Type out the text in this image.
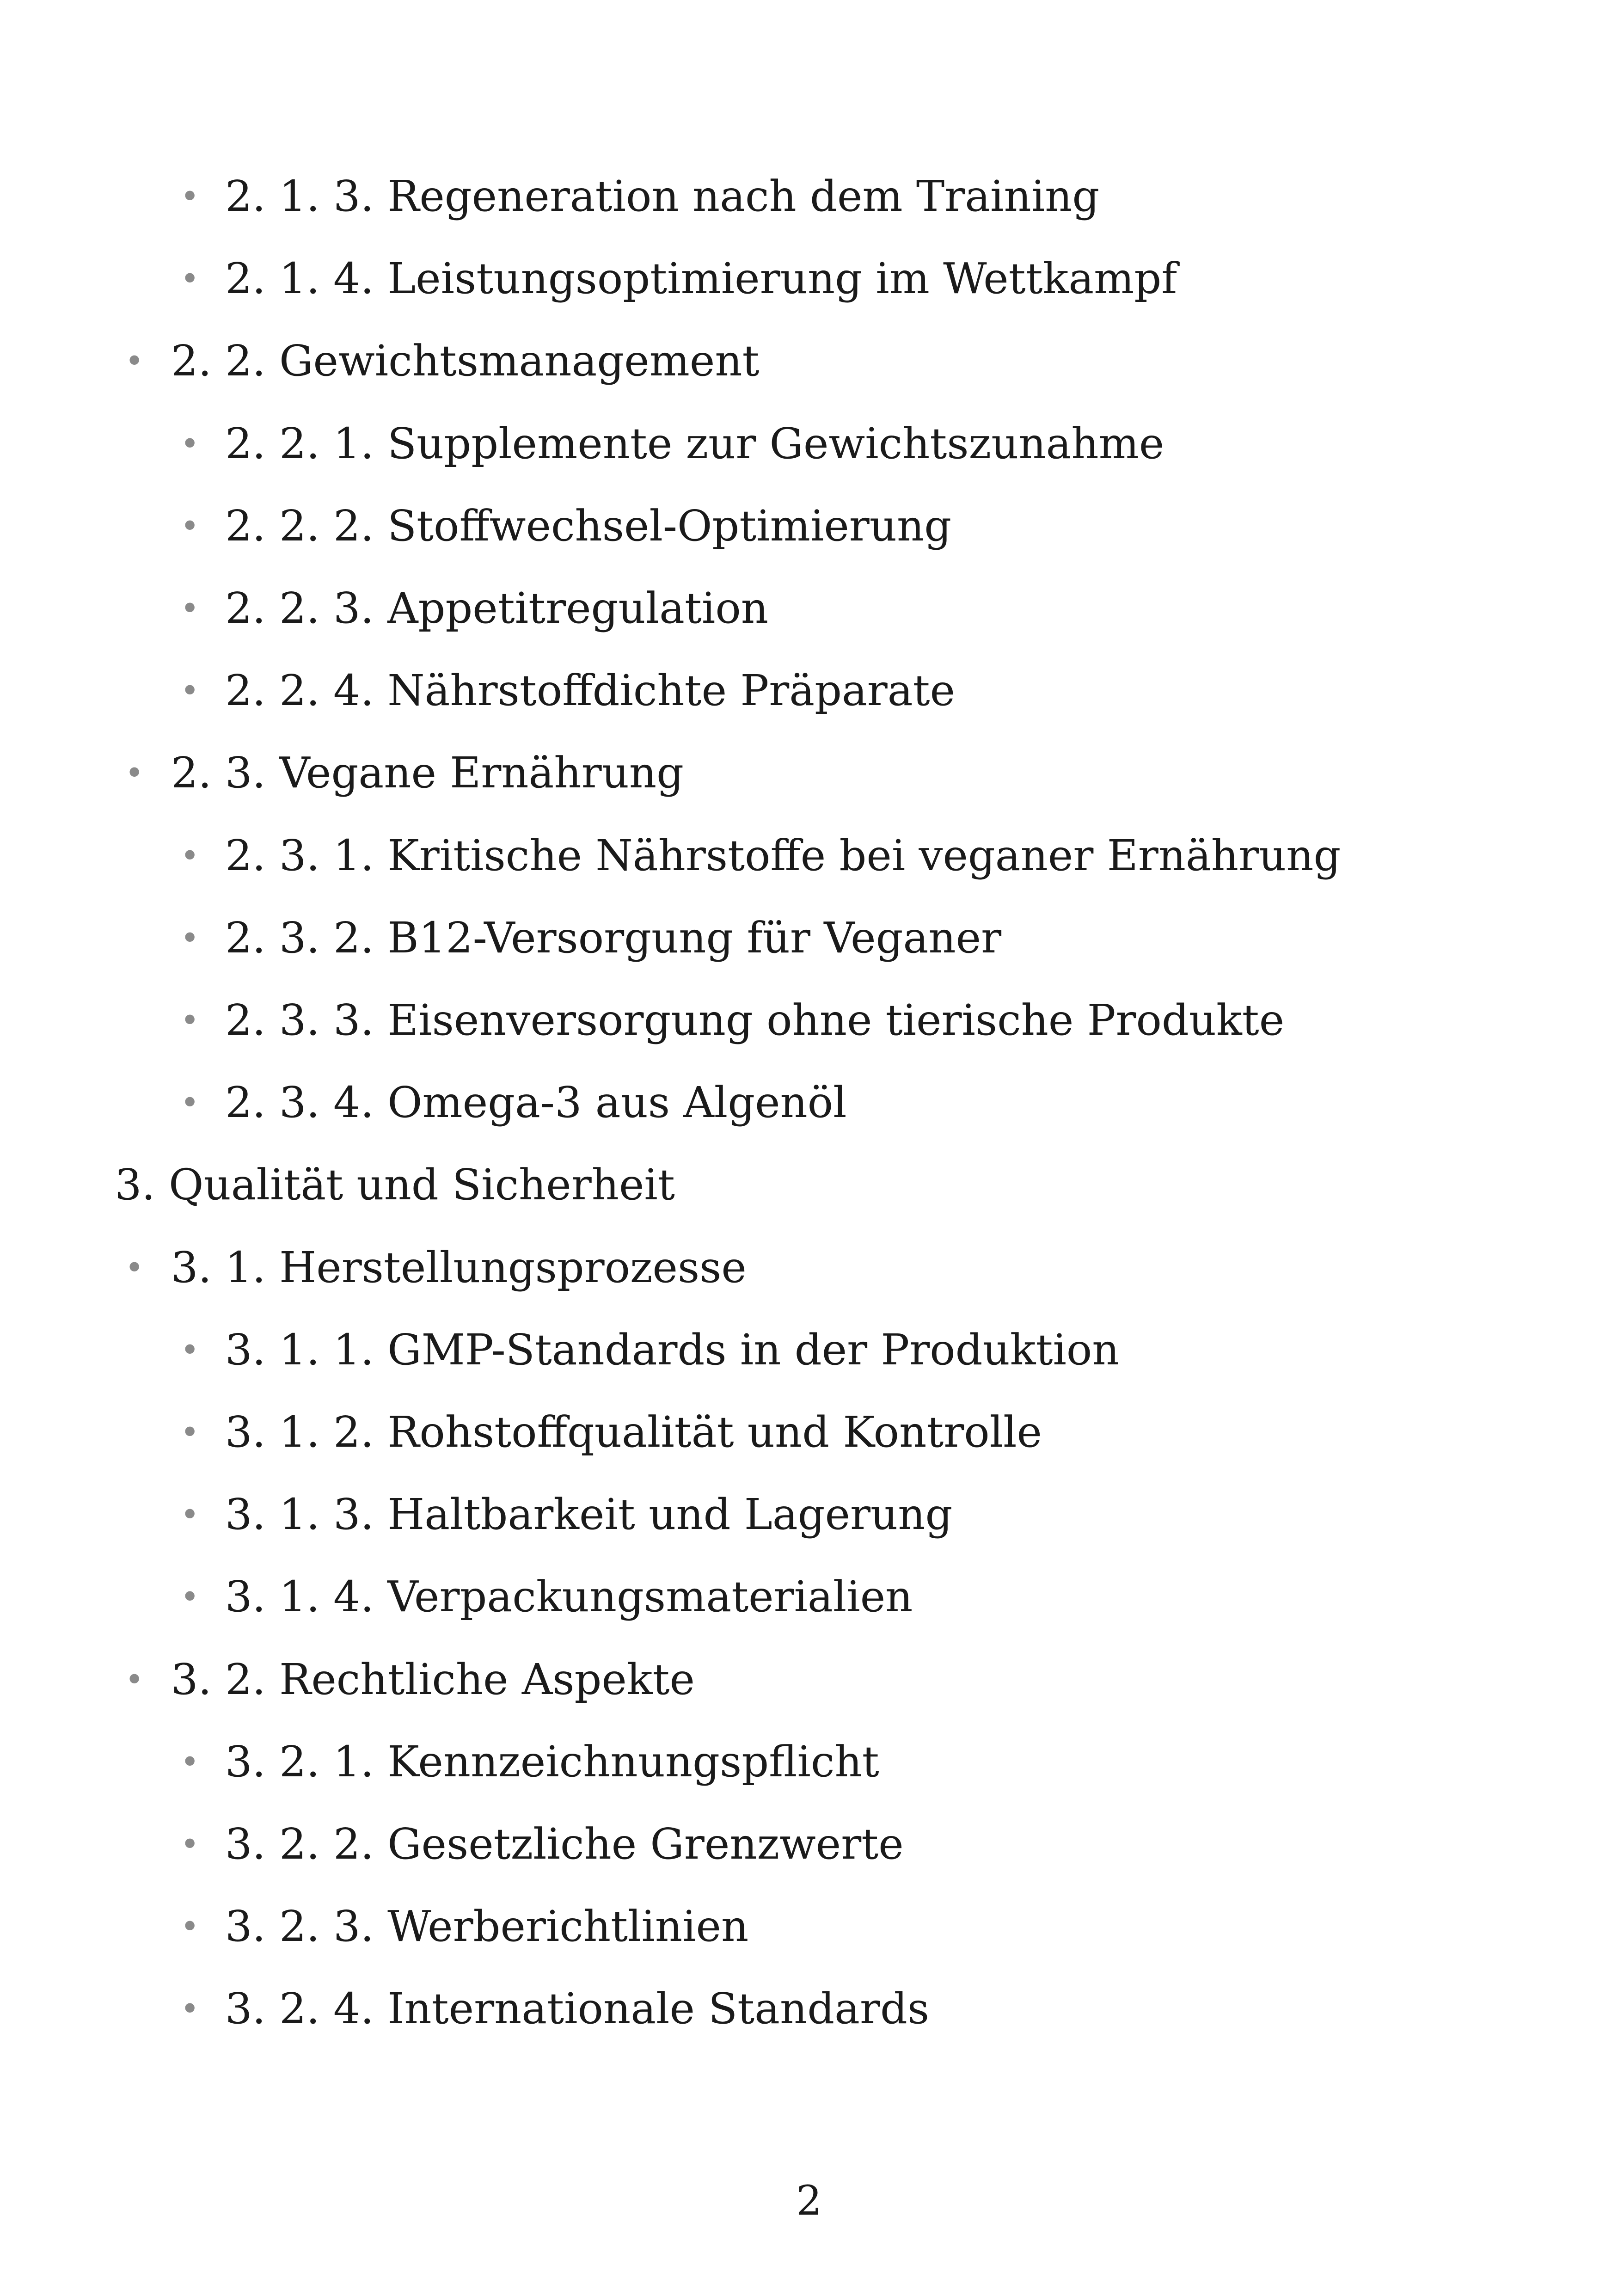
• 2. 1. 3. Regeneration nach dem Training
• 2. 1. 4. Leistungsoptimierung im Wettkampf
• 2. 2. Gewichtsmanagement
• 2. 2. 1. Supplemente zur Gewichtszunahme
• 2. 2. 2. Stoffwechsel-Optimierung
• 2. 2. 3. Appetitregulation
• 2. 2. 4. Nährstoffdichte Präparate
• 2. 3. Vegane Ernährung
• 2. 3. 1. Kritische Nährstoffe bei veganer Ernährung
• 2. 3. 2. B12-Versorgung für Veganer
• 2. 3. 3. Eisenversorgung ohne tierische Produkte
• 2. 3. 4. Omega-3 aus Algenöl
3. Qualität und Sicherheit
• 3. 1. Herstellungsprozesse
• 3. 1. 1. GMP-Standards in der Produktion
• 3. 1. 2. Rohstoffqualität und Kontrolle
• 3. 1. 3. Haltbarkeit und Lagerung
• 3. 1. 4. Verpackungsmaterialien
• 3. 2. Rechtliche Aspekte
• 3. 2. 1. Kennzeichnungspflicht
• 3. 2. 2. Gesetzliche Grenzwerte
• 3. 2. 3. Werberichtlinien
• 3. 2. 4. Internationale Standards
2
